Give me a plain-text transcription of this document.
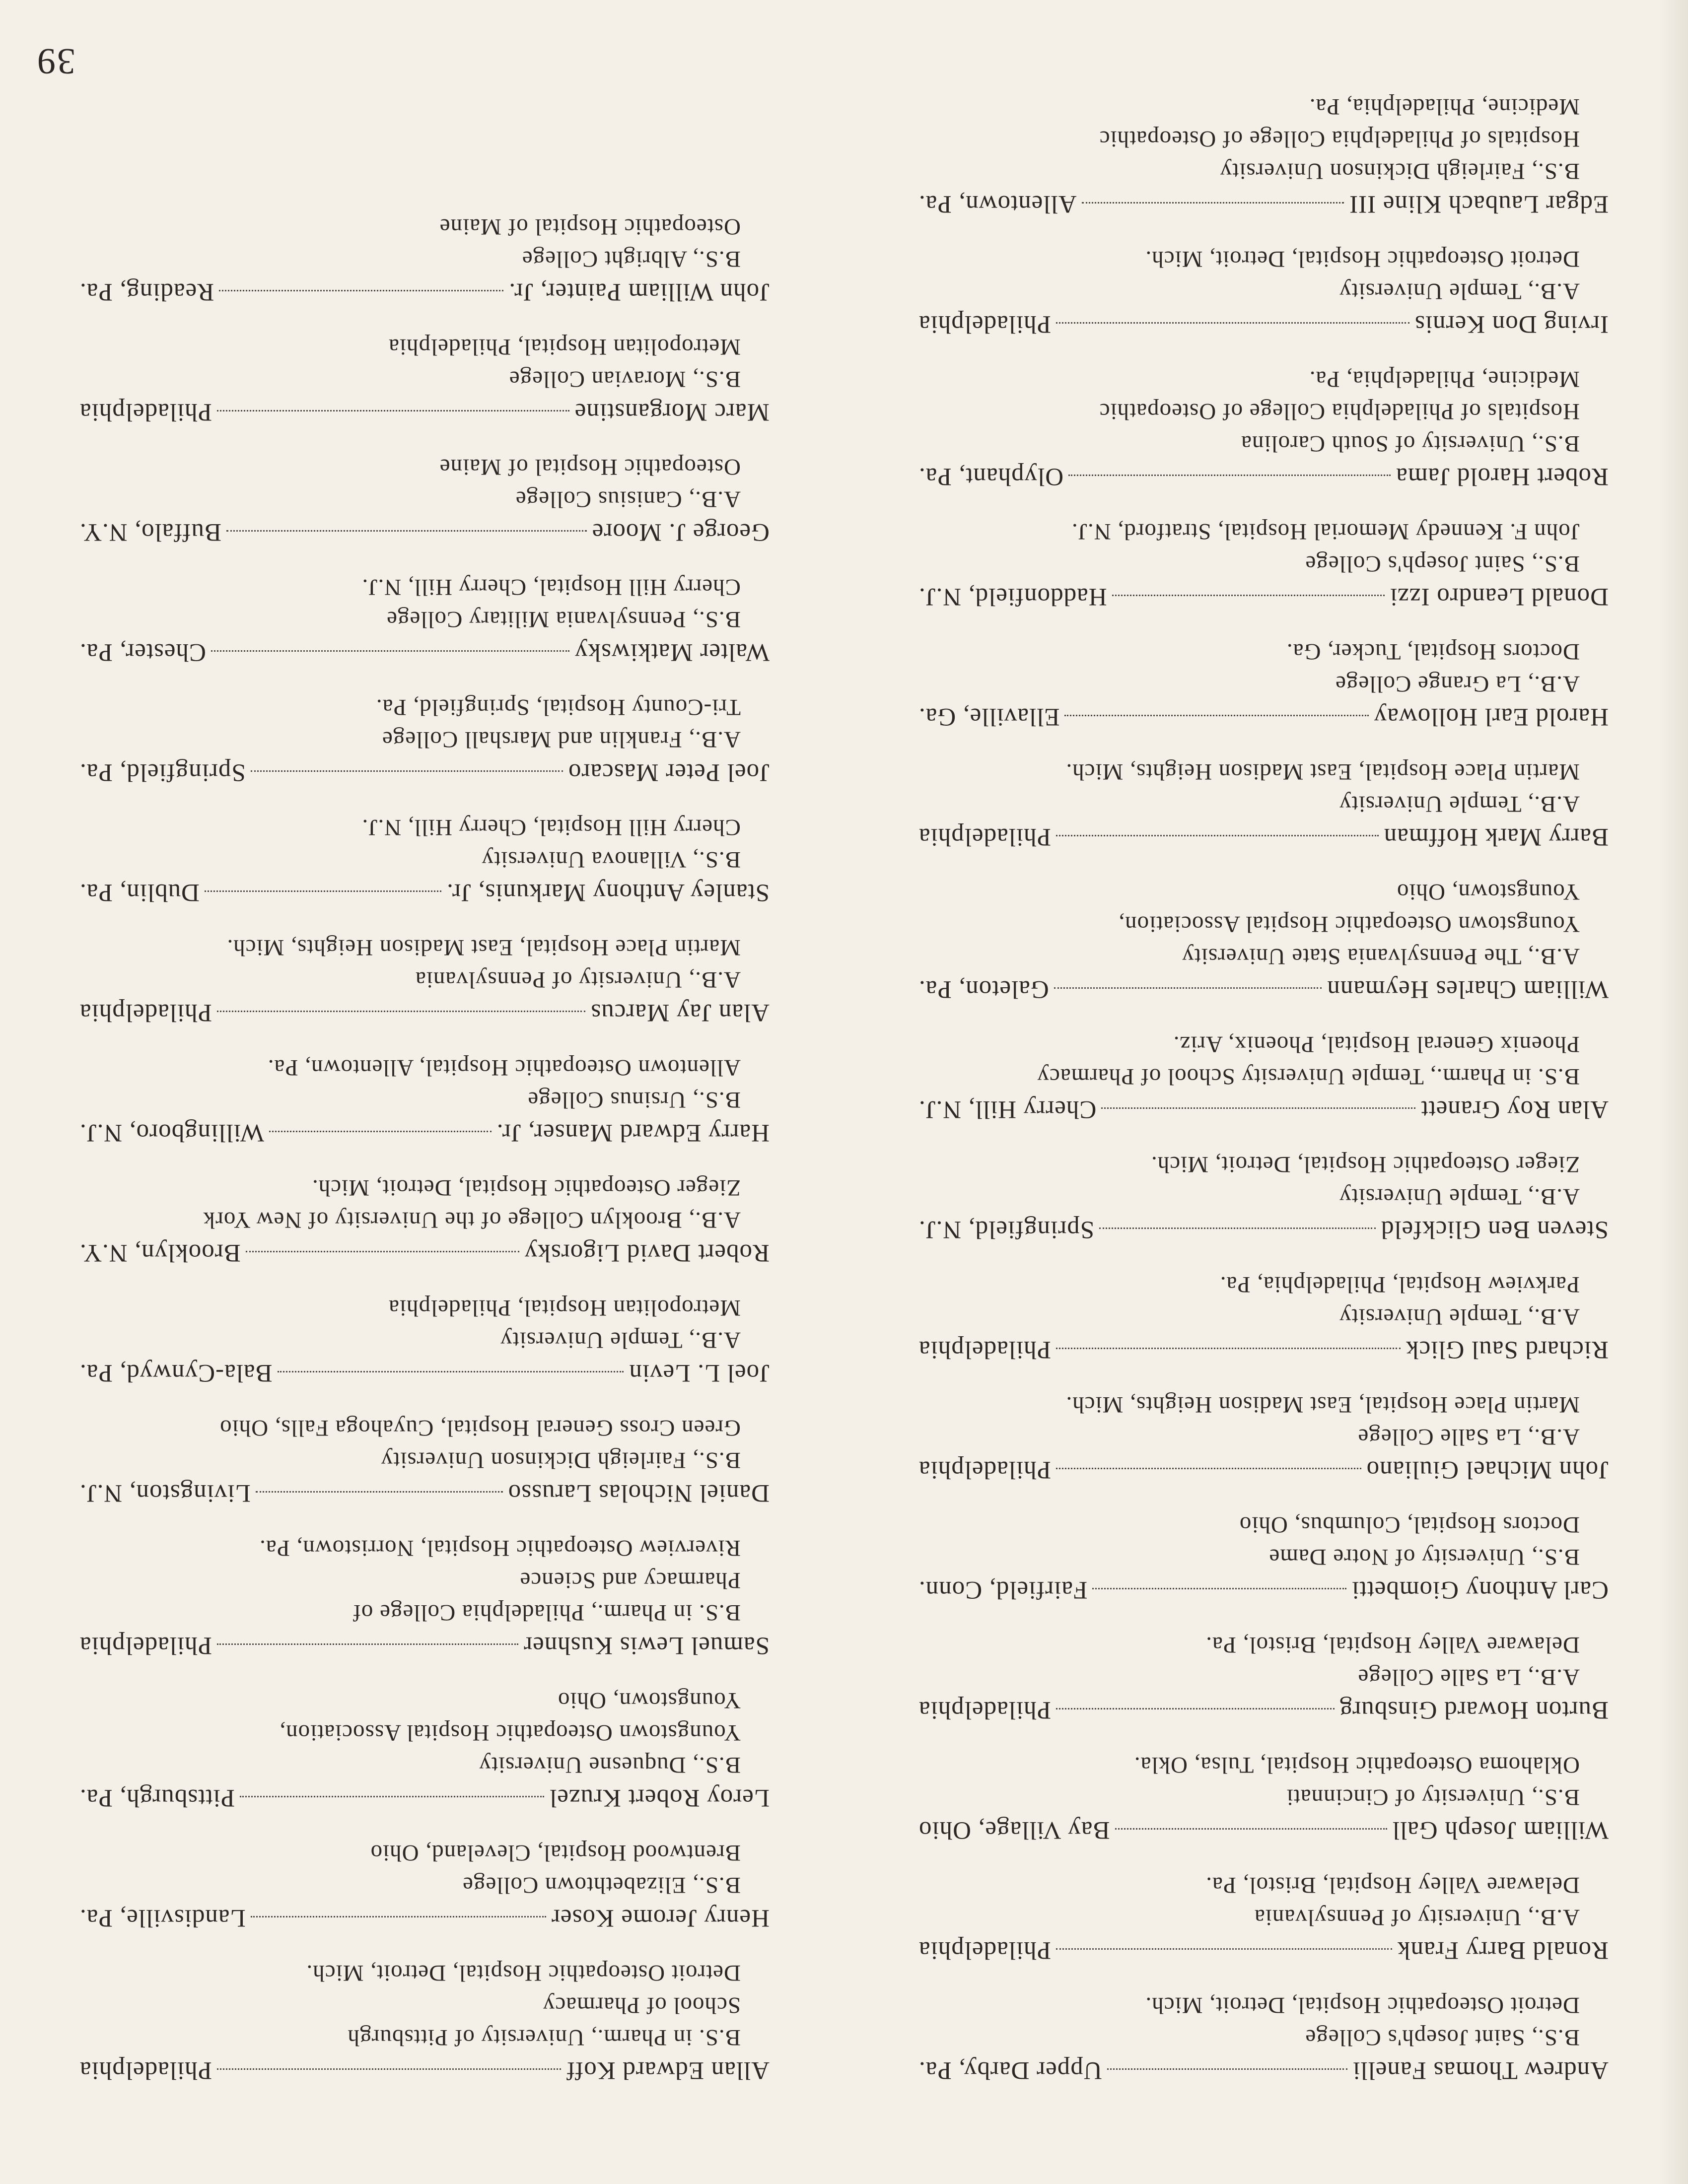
Andrew Thomas Fanelli
Upper Darby, Pa.
B.S., Saint Joseph's College
Detroit Osteopathic Hospital, Detroit, Mich.
Ronald Barry Frank
Philadelphia
A.B., University of Pennsylvania
Delaware Valley Hospital, Bristol, Pa.
William Joseph Gall
Bay Village, Ohio
B.S., University of Cincinnati
Oklahoma Osteopathic Hospital, Tulsa, Okla.
Burton Howard Ginsburg
Philadelphia
A.B., La Salle College
Delaware Valley Hospital, Bristol, Pa.
Carl Anthony Giombetti
Fairfield, Conn.
B.S., University of Notre Dame
Doctors Hospital, Columbus, Ohio
John Michael Giuliano
Philadelphia
A.B., La Salle College
Martin Place Hospital, East Madison Heights, Mich.
Richard Saul Glick
Philadelphia
A.B., Temple University
Parkview Hospital, Philadelphia, Pa.
Steven Ben Glickfeld
Springfield, N.J.
A.B., Temple University
Zieger Osteopathic Hospital, Detroit, Mich.
Alan Roy Granett
Cherry Hill, N.J.
B.S. in Pharm., Temple University School of Pharmacy
Phoenix General Hospital, Phoenix, Ariz.
William Charles Heymann
Galeton, Pa.
A.B., The Pennsylvania State University
Youngstown Osteopathic Hospital Association,
Youngstown, Ohio
Barry Mark Hoffman
Philadelphia
A.B., Temple University
Martin Place Hospital, East Madison Heights, Mich.
Harold Earl Holloway
Ellaville, Ga.
A.B., La Grange College
Doctors Hospital, Tucker, Ga.
Donald Leandro Izzi
Haddonfield, N.J.
B.S., Saint Joseph's College
John F. Kennedy Memorial Hospital, Stratford, N.J.
Robert Harold Jama
Olyphant, Pa.
B.S., University of South Carolina
Hospitals of Philadelphia College of Osteopathic
Medicine, Philadelphia, Pa.
Irving Don Kernis
Philadelphia
A.B., Temple University
Detroit Osteopathic Hospital, Detroit, Mich.
Edgar Laubach Kline III
Allentown, Pa.
B.S., Fairleigh Dickinson University
Hospitals of Philadelphia College of Osteopathic
Medicine, Philadelphia, Pa.
Allan Edward Koff
Philadelphia
B.S. in Pharm., University of Pittsburgh
School of Pharmacy
Detroit Osteopathic Hospital, Detroit, Mich.
Henry Jerome Koser
Landisville, Pa.
B.S., Elizabethtown College
Brentwood Hospital, Cleveland, Ohio
Leroy Robert Kruzel
Pittsburgh, Pa.
B.S., Duquesne University
Youngstown Osteopathic Hospital Association,
Youngstown, Ohio
Samuel Lewis Kushner
Philadelphia
B.S. in Pharm., Philadelphia College of
Pharmacy and Science
Riverview Osteopathic Hospital, Norristown, Pa.
Daniel Nicholas Larusso
Livingston, N.J.
B.S., Fairleigh Dickinson University
Green Cross General Hospital, Cuyahoga Falls, Ohio
Joel L. Levin
Bala-Cynwyd, Pa.
A.B., Temple University
Metropolitan Hospital, Philadelphia
Robert David Ligorsky
Brooklyn, N.Y.
A.B., Brooklyn College of the University of New York
Zieger Osteopathic Hospital, Detroit, Mich.
Harry Edward Manser, Jr.
Willingboro, N.J.
B.S., Ursinus College
Allentown Osteopathic Hospital, Allentown, Pa.
Alan Jay Marcus
Philadelphia
A.B., University of Pennsylvania
Martin Place Hospital, East Madison Heights, Mich.
Stanley Anthony Markunis, Jr.
Dublin, Pa.
B.S., Villanova University
Cherry Hill Hospital, Cherry Hill, N.J.
Joel Peter Mascaro
Springfield, Pa.
A.B., Franklin and Marshall College
Tri-County Hospital, Springfield, Pa.
Walter Matkiwsky
Chester, Pa.
B.S., Pennsylvania Military College
Cherry Hill Hospital, Cherry Hill, N.J.
George J. Moore
Buffalo, N.Y.
A.B., Canisius College
Osteopathic Hospital of Maine
Marc Morganstine
Philadelphia
B.S., Moravian College
Metropolitan Hospital, Philadelphia
John William Painter, Jr.
Reading, Pa.
B.S., Albright College
Osteopathic Hospital of Maine
39
